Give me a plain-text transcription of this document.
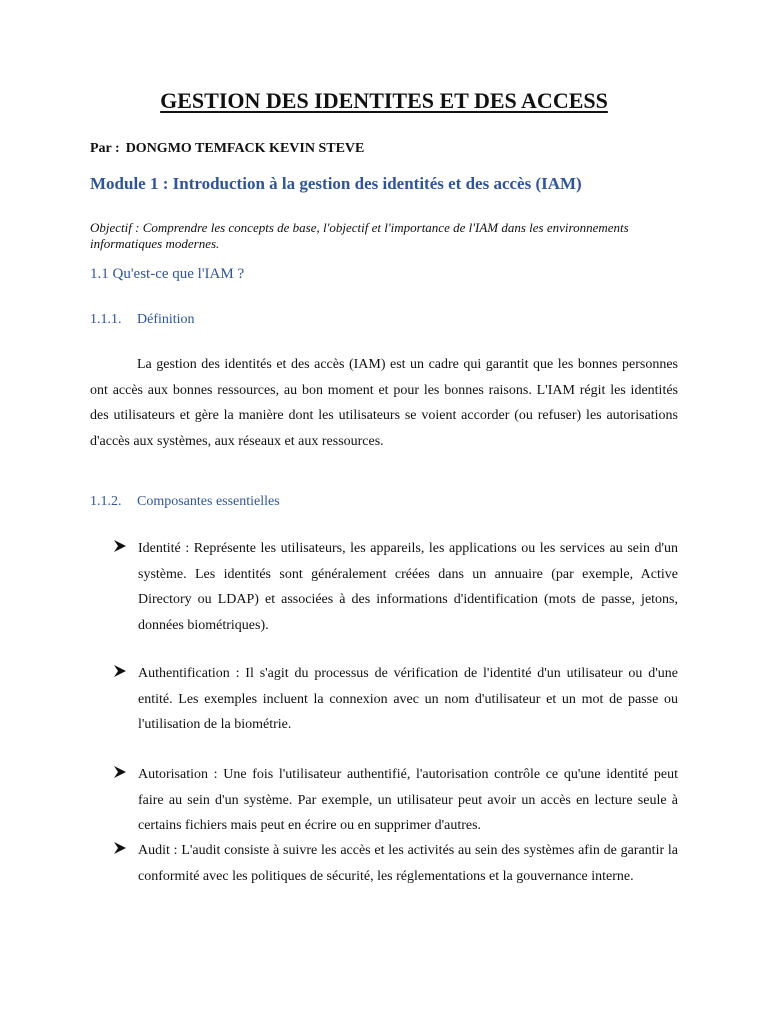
GESTION DES IDENTITES ET DES ACCESS
Par : DONGMO TEMFACK KEVIN STEVE
Module 1 : Introduction à la gestion des identités et des accès (IAM)
Objectif : Comprendre les concepts de base, l'objectif et l'importance de l'IAM dans les environnements informatiques modernes.
1.1 Qu'est-ce que l'IAM ?
1.1.1. Définition
La gestion des identités et des accès (IAM) est un cadre qui garantit que les bonnes personnes ont accès aux bonnes ressources, au bon moment et pour les bonnes raisons. L'IAM régit les identités des utilisateurs et gère la manière dont les utilisateurs se voient accorder (ou refuser) les autorisations d'accès aux systèmes, aux réseaux et aux ressources.
1.1.2. Composantes essentielles
Identité : Représente les utilisateurs, les appareils, les applications ou les services au sein d'un système. Les identités sont généralement créées dans un annuaire (par exemple, Active Directory ou LDAP) et associées à des informations d'identification (mots de passe, jetons, données biométriques).
Authentification : Il s'agit du processus de vérification de l'identité d'un utilisateur ou d'une entité. Les exemples incluent la connexion avec un nom d'utilisateur et un mot de passe ou l'utilisation de la biométrie.
Autorisation : Une fois l'utilisateur authentifié, l'autorisation contrôle ce qu'une identité peut faire au sein d'un système. Par exemple, un utilisateur peut avoir un accès en lecture seule à certains fichiers mais peut en écrire ou en supprimer d'autres.
Audit : L'audit consiste à suivre les accès et les activités au sein des systèmes afin de garantir la conformité avec les politiques de sécurité, les réglementations et la gouvernance interne.
